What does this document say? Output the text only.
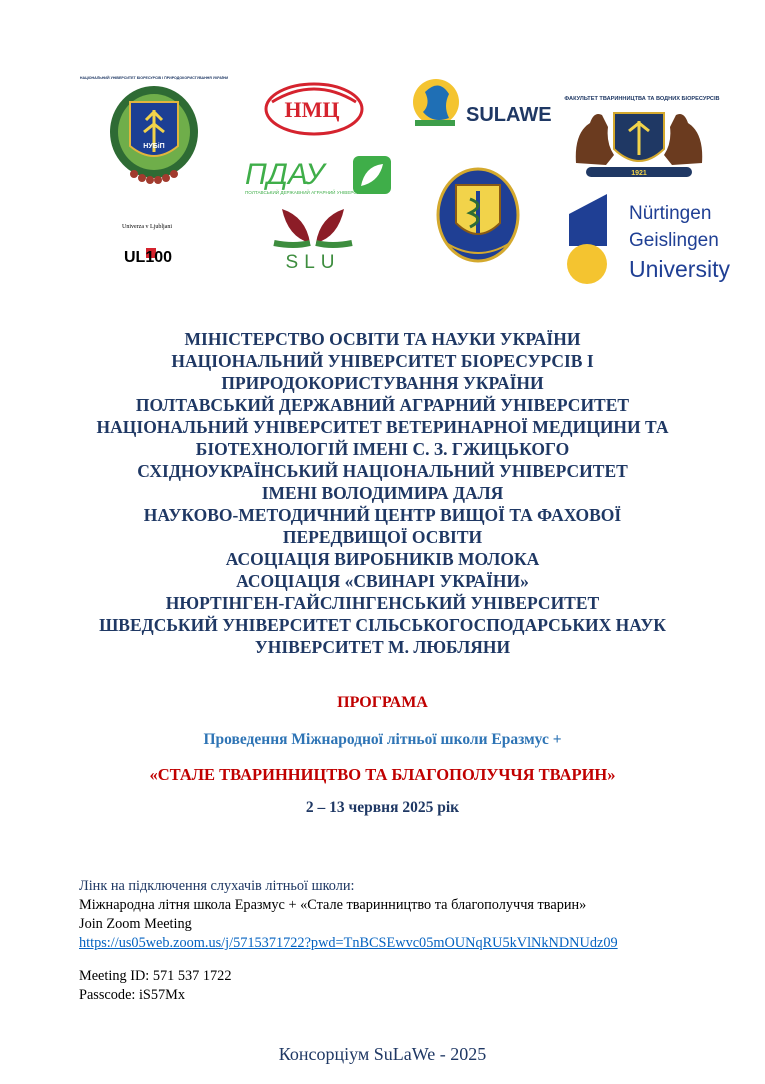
НАЦІОНАЛЬНИЙ УНІВЕРСИТЕТ БІОРЕСУРСІВ І ПРИРОДОКОРИСТУВАННЯ УКРАЇНИ
НУБіП
НМЦ	SULAWE
ФАКУЛЬТЕТ ТВАРИННИЦТВА ТА ВОДНИХ БІОРЕСУРСІВ
1921
ПДАУ
ПОЛТАВСЬКИЙ ДЕРЖАВНИЙ АГРАРНИЙ УНІВЕРСИТЕТ
Univerza v Ljubljani
UL100	SLU
Nürtingen
Geislingen
University
МІНІСТЕРСТВО ОСВІТИ ТА НАУКИ УКРАЇНИ
НАЦІОНАЛЬНИЙ УНІВЕРСИТЕТ БІОРЕСУРСІВ І
ПРИРОДОКОРИСТУВАННЯ УКРАЇНИ
ПОЛТАВСЬКИЙ ДЕРЖАВНИЙ АГРАРНИЙ УНІВЕРСИТЕТ
НАЦІОНАЛЬНИЙ УНІВЕРСИТЕТ ВЕТЕРИНАРНОЇ МЕДИЦИНИ ТА
БІОТЕХНОЛОГІЙ ІМЕНІ С. З. ГЖИЦЬКОГО
СХІДНОУКРАЇНСЬКИЙ НАЦІОНАЛЬНИЙ УНІВЕРСИТЕТ
ІМЕНІ ВОЛОДИМИРА ДАЛЯ
НАУКОВО-МЕТОДИЧНИЙ ЦЕНТР ВИЩОЇ ТА ФАХОВОЇ
ПЕРЕДВИЩОЇ ОСВІТИ
АСОЦІАЦІЯ ВИРОБНИКІВ МОЛОКА
АСОЦІАЦІЯ «СВИНАРІ УКРАЇНИ»
НЮРТІНГЕН-ГАЙСЛІНГЕНСЬКИЙ УНІВЕРСИТЕТ
ШВЕДСЬКИЙ УНІВЕРСИТЕТ СІЛЬСЬКОГОСПОДАРСЬКИХ НАУК
УНІВЕРСИТЕТ М. ЛЮБЛЯНИ
ПРОГРАМА
Проведення Міжнародної літньої школи Еразмус +
«СТАЛЕ ТВАРИННИЦТВО ТА БЛАГОПОЛУЧЧЯ ТВАРИН»
2 – 13 червня 2025 рік
Лінк на підключення слухачів літньої школи:
Міжнародна літня школа Еразмус + «Стале тваринництво та благополуччя тварин»
Join Zoom Meeting
https://us05web.zoom.us/j/5715371722?pwd=TnBCSEwvc05mOUNqRU5kVlNkNDNUdz09
Meeting ID: 571 537 1722
Passcode: iS57Mx
Консорціум SuLaWe - 2025
